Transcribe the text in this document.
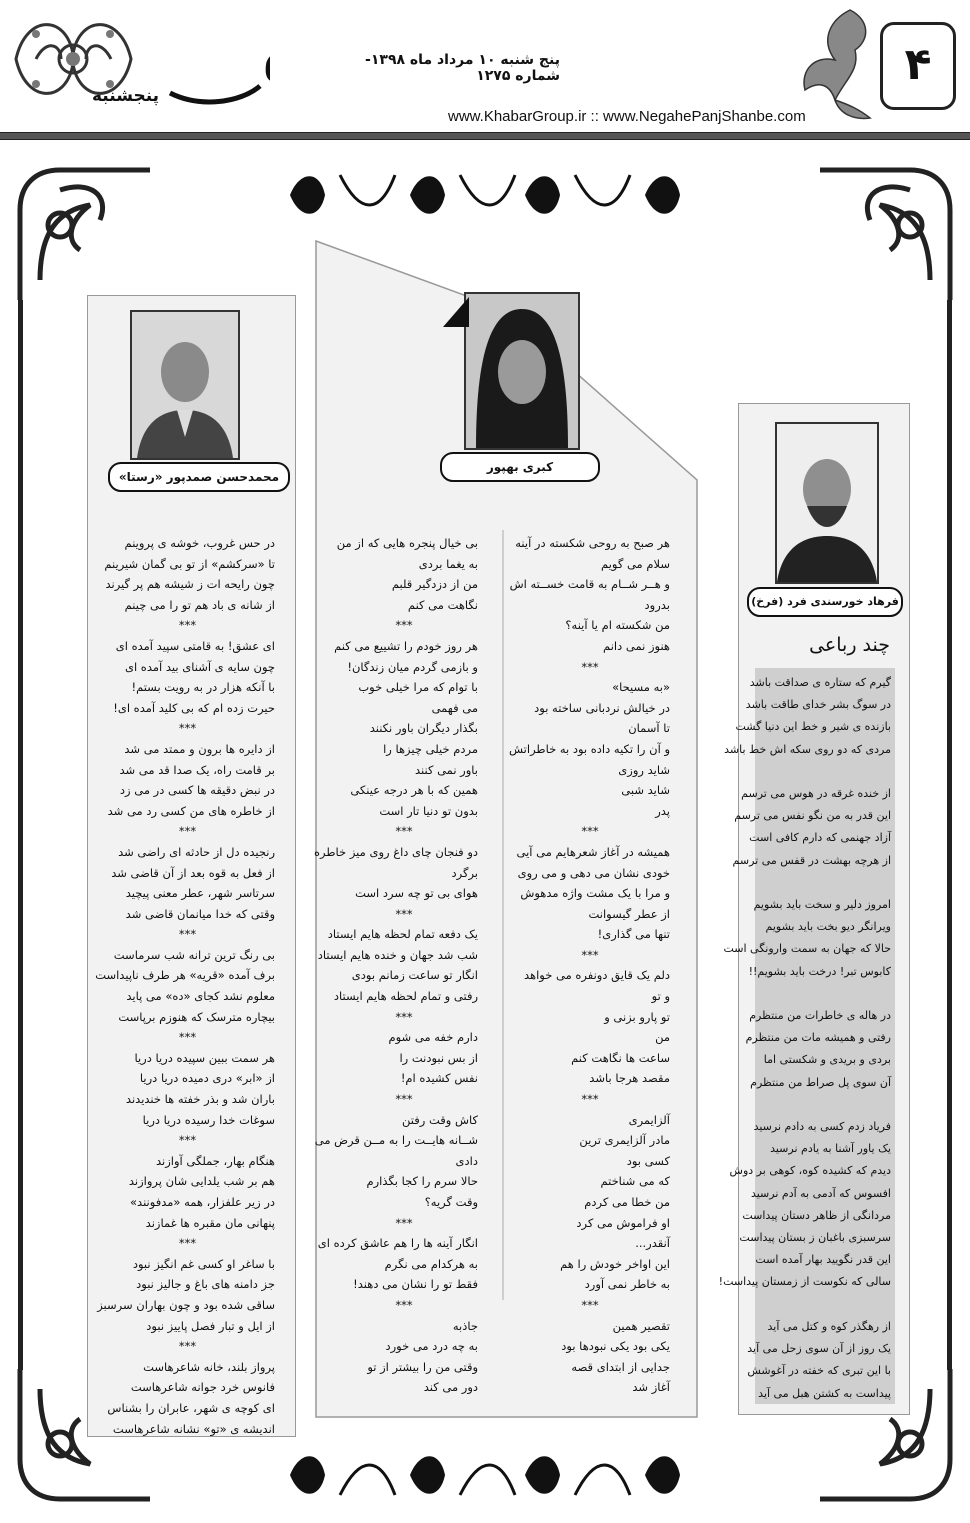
پنجشنبه
پنج شنبه ۱۰ مرداد ماه ۱۳۹۸- شماره ۱۲۷۵
www.KhabarGroup.ir :: www.NegahePanjShanbe.com
۴
محمدحسن صمدپور «رستا»
در حس غروب، خوشه ی پروینم
تا «سرکشم» از تو بی گمان شیرینم
چون رایحه ات ز شیشه هم پر گیرند
از شانه ی باد هم تو را می چینم
***
ای عشق! به قامتی سپید آمده ای
چون سایه ی آشنای بید آمده ای
با آنکه هزار در به رویت بستم!
حیرت زده ام که بی کلید آمده ای!
***
از دایره ها برون و ممتد می شد
بر قامت راه، یک صدا قد می شد
در نبض دقیقه ها کسی در می زد
از خاطره های من کسی رد می شد
***
رنجیده دل از حادثه ای راضی شد
از فعل به قوه بعد از آن قاضی شد
سرتاسر شهر، عطر معنی پیچید
وقتی که خدا میانمان قاضی شد
***
بی رنگ ترین ترانه شب سرماست
برف آمده «قریه» هر طرف ناپیداست
معلوم نشد کجای «ده» می پاید
بیچاره مترسک که هنوزم برپاست
***
هر سمت ببین سپیده دریا دریا
از «ابر» دری دمیده دریا دریا
باران شد و بذر خفته ها خندیدند
سوغات خدا رسیده دریا دریا
***
هنگام بهار، جملگی آوازند
هم بر شب یلدایی شان پروازند
در زیر علفزار، همه «مدفونند»
پنهانی مان مقبره ها غمازند
***
با ساغر او کسی غم انگیز نبود
جز دامنه های باغ و جالیز نبود
ساقی شده بود و چون بهاران سرسبز
از ایل و تبار فصل پاییز نبود
***
پرواز بلند، خانه شاعرهاست
فانوس خرد جوانه شاعرهاست
ای کوچه ی شهر، عابران را بشناس
اندیشه ی «تو» نشانه شاعرهاست
کبری بهپور
هر صبح به روحی شکسته در آینه
سلام می گویم
و هــر شــام به قامت خســته اش
بدرود
من شکسته ام یا آینه؟
هنوز نمی دانم
***
«به مسیحا»
در خیالش نردبانی ساخته بود
تا آسمان
و آن را تکیه داده بود به خاطراتش
شاید روزی
شاید شبی
پدر
***
همیشه در آغاز شعرهایم می آیی
خودی نشان می دهی و می روی
و مرا با یک مشت واژه مدهوش
از عطر گیسوانت
تنها می گذاری!
***
دلم یک قایق دونفره می خواهد
و تو
تو پارو بزنی و
من
ساعت ها نگاهت کنم
مقصد هرجا باشد
***
آلزایمری
مادر آلزایمری ترین
کسی بود
که می شناختم
من خطا می کردم
او فراموش می کرد
آنقدر...
این اواخر خودش را هم
به خاطر نمی آورد
***
تقصیر همین
یکی بود یکی نبودها بود
جدایی از ابتدای قصه
آغاز شد
بی خیال پنجره هایی که از من
به یغما بردی
من از دزدگیر قلبم
نگاهت می کنم
***
هر روز خودم را تشییع می کنم
و بازمی گردم میان زندگان!
با توام که مرا خیلی خوب
می فهمی
بگذار دیگران باور نکنند
مردم خیلی چیزها را
باور نمی کنند
همین که با هر درجه عینکی
بدون تو دنیا تار است
***
دو فنجان چای داغ روی میز خاطره
برگرد
هوای بی تو چه سرد است
***
یک دفعه تمام لحظه هایم ایستاد
شب شد جهان و خنده هایم ایستاد
انگار تو ساعت زمانم بودی
رفتی و تمام لحظه هایم ایستاد
***
دارم خفه می شوم
از بس نبودنت را
نفس کشیده ام!
***
کاش وقت رفتن
شــانه هایــت را به مــن قرض می
دادی
حالا سرم را کجا بگذارم
وقت گریه؟
***
انگار آینه ها را هم عاشق کرده ای
به هرکدام می نگرم
فقط تو را نشان می دهند!
***
جاذبه
به چه درد می خورد
وقتی من را بیشتر از تو
دور می کند
فرهاد خورسندی فرد (فرخ)
چند رباعی
گیرم که ستاره ی صداقت باشد
در سوگ بشر خدای طاقت باشد
بازنده ی شیر و خط این دنیا گشت
مردی که دو روی سکه اش خط باشد

از خنده غرقه در هوس می ترسم
این قدر به من نگو نفس می ترسم
آزاد جهنمی که دارم کافی است
از هرچه بهشت در قفس می ترسم

امروز دلیر و سخت باید بشویم
ویرانگر دیو بخت باید بشویم
حالا که جهان به سمت وارونگی است
کابوس تبر! درخت باید بشویم!!

در هاله ی خاطرات من منتظرم
رفتی و همیشه مات من منتظرم
بردی و بریدی و شکستی اما
آن سوی پل صراط من منتظرم

فریاد زدم کسی به دادم نرسید
یک یاور آشنا به یادم نرسید
دیدم که کشیده کوه، کوهی بر دوش
افسوس که آدمی به آدم نرسید
مردانگی از ظاهر دستان پیداست
سرسبزی باغبان ز بستان پیداست
این قدر نگویید بهار آمده است
سالی که نکوست از زمستان پیداست!

از رهگذر کوه و کتل می آید
یک روز از آن سوی زحل می آید
با این تبری که خفته در آغوشش
پیداست به کشتن هبل می آید
